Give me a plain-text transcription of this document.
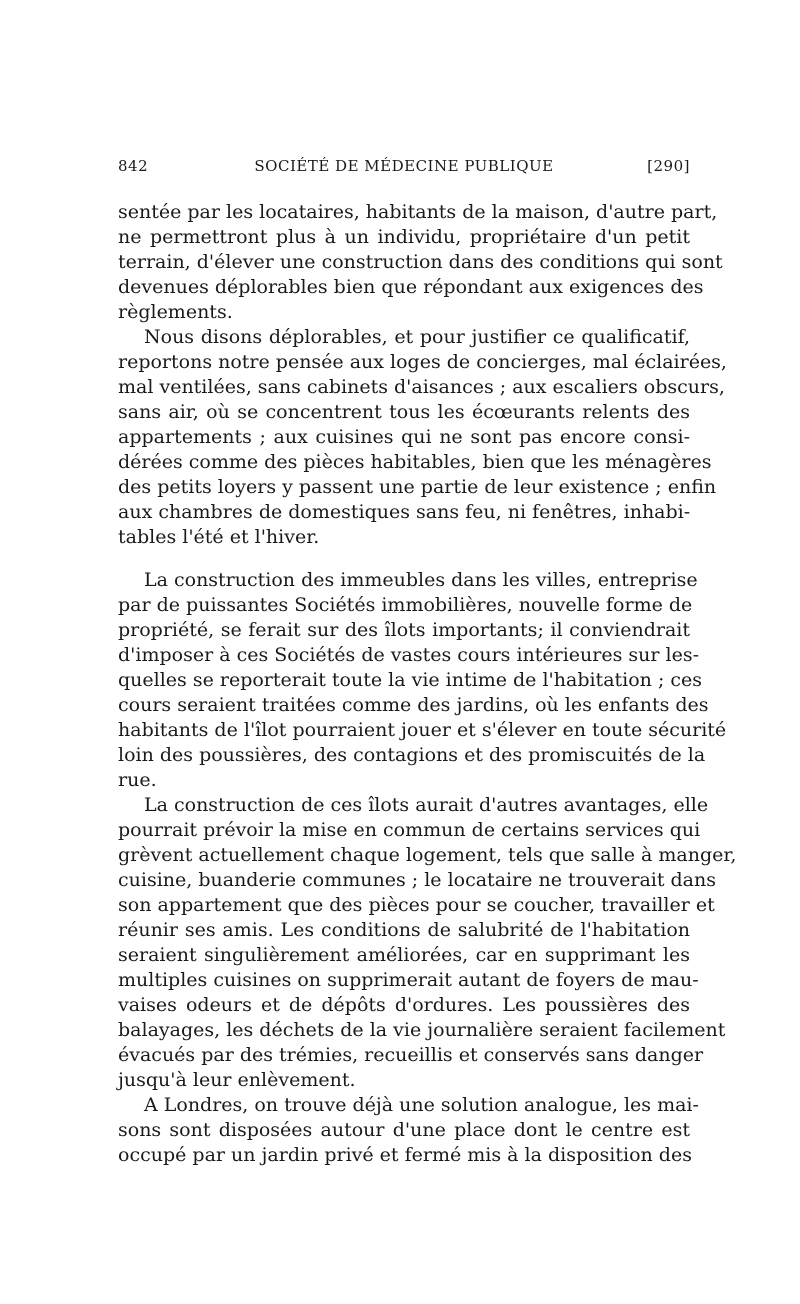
842	SOCIÉTÉ DE MÉDECINE PUBLIQUE	[290]
sentée par les locataires, habitants de la maison, d'autre part,
ne permettront plus à un individu, propriétaire d'un petit
terrain, d'élever une construction dans des conditions qui sont
devenues déplorables bien que répondant aux exigences des
règlements.
Nous disons déplorables, et pour justifier ce qualificatif,
reportons notre pensée aux loges de concierges, mal éclairées,
mal ventilées, sans cabinets d'aisances ; aux escaliers obscurs,
sans air, où se concentrent tous les écœurants relents des
appartements ; aux cuisines qui ne sont pas encore consi-
dérées comme des pièces habitables, bien que les ménagères
des petits loyers y passent une partie de leur existence ; enfin
aux chambres de domestiques sans feu, ni fenêtres, inhabi-
tables l'été et l'hiver.
La construction des immeubles dans les villes, entreprise
par de puissantes Sociétés immobilières, nouvelle forme de
propriété, se ferait sur des îlots importants; il conviendrait
d'imposer à ces Sociétés de vastes cours intérieures sur les-
quelles se reporterait toute la vie intime de l'habitation ; ces
cours seraient traitées comme des jardins, où les enfants des
habitants de l'îlot pourraient jouer et s'élever en toute sécurité
loin des poussières, des contagions et des promiscuités de la
rue.
La construction de ces îlots aurait d'autres avantages, elle
pourrait prévoir la mise en commun de certains services qui
grèvent actuellement chaque logement, tels que salle à manger,
cuisine, buanderie communes ; le locataire ne trouverait dans
son appartement que des pièces pour se coucher, travailler et
réunir ses amis. Les conditions de salubrité de l'habitation
seraient singulièrement améliorées, car en supprimant les
multiples cuisines on supprimerait autant de foyers de mau-
vaises odeurs et de dépôts d'ordures. Les poussières des
balayages, les déchets de la vie journalière seraient facilement
évacués par des trémies, recueillis et conservés sans danger
jusqu'à leur enlèvement.
A Londres, on trouve déjà une solution analogue, les mai-
sons sont disposées autour d'une place dont le centre est
occupé par un jardin privé et fermé mis à la disposition des
